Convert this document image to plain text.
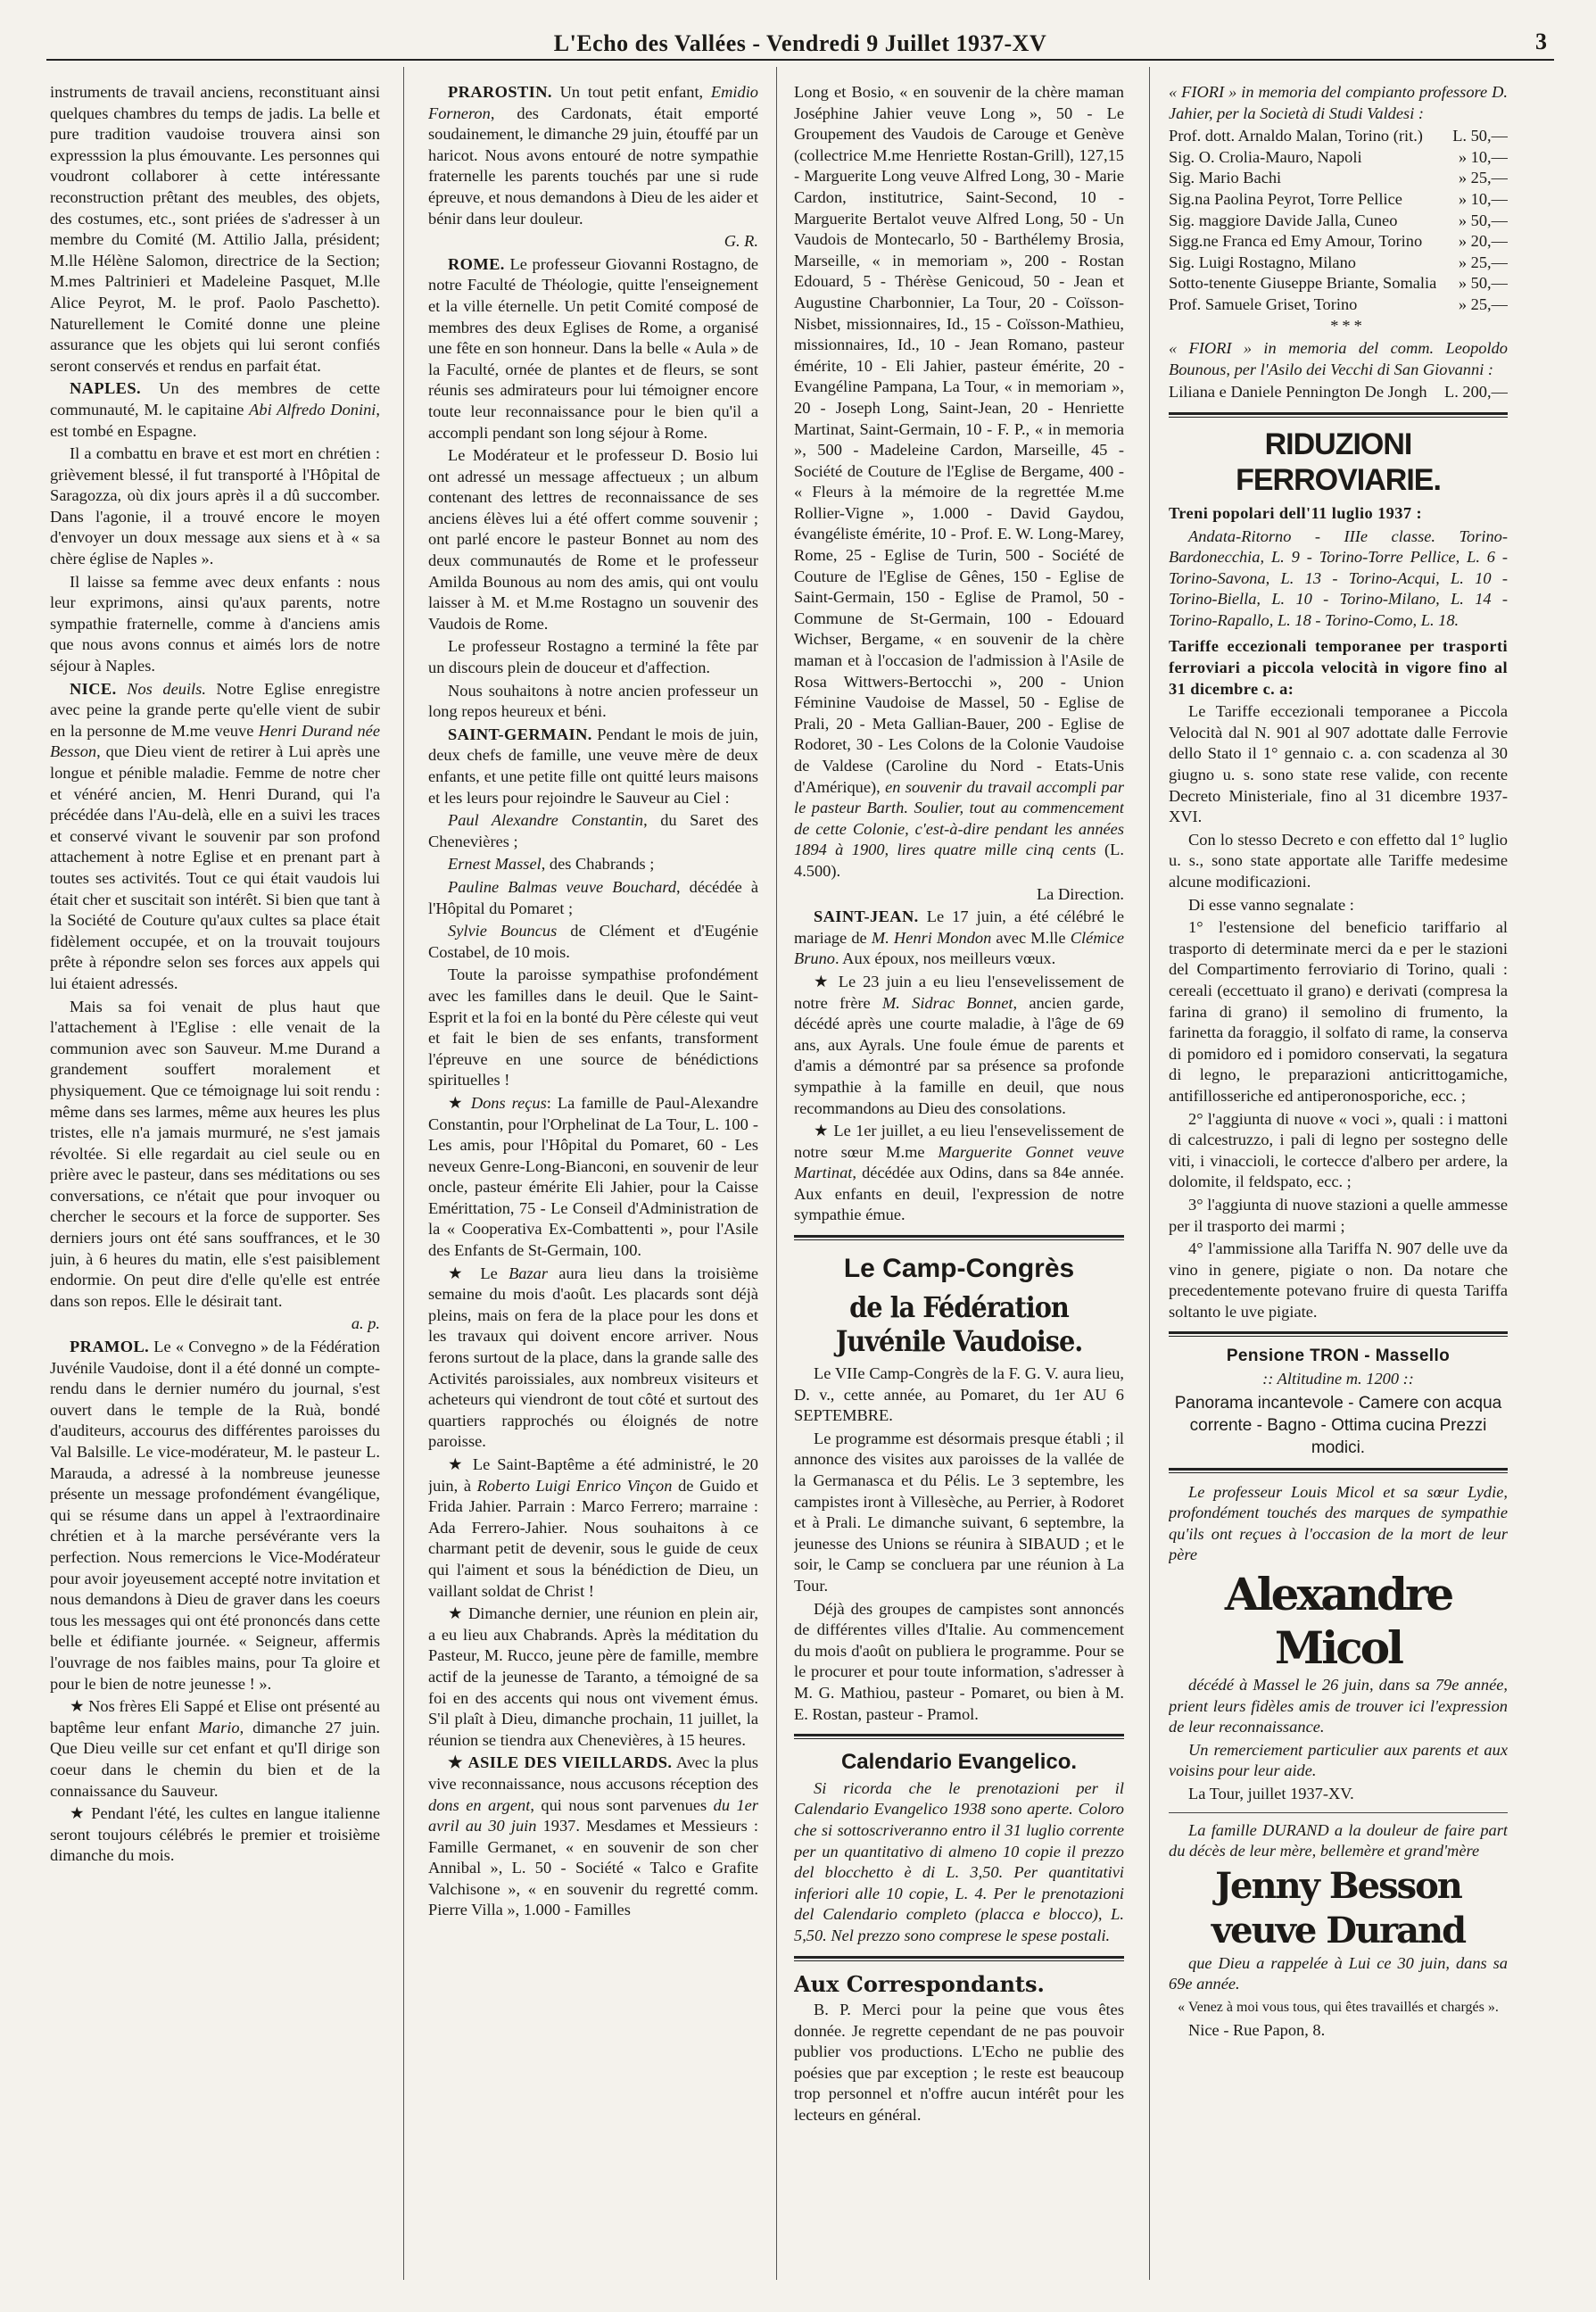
L'Echo des Vallées - Vendredi 9 Juillet 1937-XV	3

instruments de travail anciens, reconstituant ainsi quelques chambres du temps de jadis. La belle et pure tradition vaudoise trouvera ainsi son expresssion la plus émouvante. Les personnes qui voudront collaborer à cette intéressante reconstruction prêtant des meubles, des objets, des costumes, etc., sont priées de s'adresser à un membre du Comité (M. Attilio Jalla, président; M.lle Hélène Salomon, directrice de la Section; M.mes Paltrinieri et Madeleine Pasquet, M.lle Alice Peyrot, M. le prof. Paolo Paschetto). Naturellement le Comité donne une pleine assurance que les objets qui lui seront confiés seront conservés et rendus en parfait état.

NAPLES. Un des membres de cette communauté, M. le capitaine Abi Alfredo Donini, est tombé en Espagne.

Il a combattu en brave et est mort en chrétien : grièvement blessé, il fut transporté à l'Hôpital de Saragozza, où dix jours après il a dû succomber. Dans l'agonie, il a trouvé encore le moyen d'envoyer un doux message aux siens et à « sa chère église de Naples ».

Il laisse sa femme avec deux enfants : nous leur exprimons, ainsi qu'aux parents, notre sympathie fraternelle, comme à d'anciens amis que nous avons connus et aimés lors de notre séjour à Naples.

NICE. Nos deuils. Notre Eglise enregistre avec peine la grande perte qu'elle vient de subir en la personne de M.me veuve Henri Durand née Besson, que Dieu vient de retirer à Lui après une longue et pénible maladie. Femme de notre cher et vénéré ancien, M. Henri Durand, qui l'a précédée dans l'Au-delà, elle en a suivi les traces et conservé vivant le souvenir par son profond attachement à notre Eglise et en prenant part à toutes ses activités. Tout ce qui était vaudois lui était cher et suscitait son intérêt. Si bien que tant à la Société de Couture qu'aux cultes sa place était fidèlement occupée, et on la trouvait toujours prête à répondre selon ses forces aux appels qui lui étaient adressés.

Mais sa foi venait de plus haut que l'attachement à l'Eglise : elle venait de la communion avec son Sauveur. M.me Durand a grandement souffert moralement et physiquement. Que ce témoignage lui soit rendu : même dans ses larmes, même aux heures les plus tristes, elle n'a jamais murmuré, ne s'est jamais révoltée. Si elle regardait au ciel seule ou en prière avec le pasteur, dans ses méditations ou ses conversations, ce n'était que pour invoquer ou chercher le secours et la force de supporter. Ses derniers jours ont été sans souffrances, et le 30 juin, à 6 heures du matin, elle s'est paisiblement endormie. On peut dire d'elle qu'elle est entrée dans son repos. Elle le désirait tant.

a. p.

PRAMOL. Le « Convegno » de la Fédération Juvénile Vaudoise, dont il a été donné un compte-rendu dans le dernier numéro du journal, s'est ouvert dans le temple de la Ruà, bondé d'auditeurs, accourus des différentes paroisses du Val Balsille. Le vice-modérateur, M. le pasteur L. Marauda, a adressé à la nombreuse jeunesse présente un message profondément évangélique, qui se résume dans un appel à l'extraordinaire chrétien et à la marche persévérante vers la perfection. Nous remercions le Vice-Modérateur pour avoir joyeusement accepté notre invitation et nous demandons à Dieu de graver dans les coeurs tous les messages qui ont été prononcés dans cette belle et édifiante journée. « Seigneur, affermis l'ouvrage de nos faibles mains, pour Ta gloire et pour le bien de notre jeunesse ! ».

★ Nos frères Eli Sappé et Elise ont présenté au baptême leur enfant Mario, dimanche 27 juin. Que Dieu veille sur cet enfant et qu'Il dirige son coeur dans le chemin du bien et de la connaissance du Sauveur.

★ Pendant l'été, les cultes en langue italienne seront toujours célébrés le premier et troisième dimanche du mois.

PRAROSTIN. Un tout petit enfant, Emidio Forneron, des Cardonats, était emporté soudainement, le dimanche 29 juin, étouffé par un haricot. Nous avons entouré de notre sympathie fraternelle les parents touchés par une si rude épreuve, et nous demandons à Dieu de les aider et bénir dans leur douleur.

G. R.

ROME. Le professeur Giovanni Rostagno, de notre Faculté de Théologie, quitte l'enseignement et la ville éternelle. Un petit Comité composé de membres des deux Eglises de Rome, a organisé une fête en son honneur. Dans la belle « Aula » de la Faculté, ornée de plantes et de fleurs, se sont réunis ses admirateurs pour lui témoigner encore toute leur reconnaissance pour le bien qu'il a accompli pendant son long séjour à Rome.

Le Modérateur et le professeur D. Bosio lui ont adressé un message affectueux ; un album contenant des lettres de reconnaissance de ses anciens élèves lui a été offert comme souvenir ; ont parlé encore le pasteur Bonnet au nom des deux communautés de Rome et le professeur Amilda Bounous au nom des amis, qui ont voulu laisser à M. et M.me Rostagno un souvenir des Vaudois de Rome.

Le professeur Rostagno a terminé la fête par un discours plein de douceur et d'affection.

Nous souhaitons à notre ancien professeur un long repos heureux et béni.

SAINT-GERMAIN. Pendant le mois de juin, deux chefs de famille, une veuve mère de deux enfants, et une petite fille ont quitté leurs maisons et les leurs pour rejoindre le Sauveur au Ciel :

Paul Alexandre Constantin, du Saret des Chenevières ;

Ernest Massel, des Chabrands ;

Pauline Balmas veuve Bouchard, décédée à l'Hôpital du Pomaret ;

Sylvie Bouncus de Clément et d'Eugénie Costabel, de 10 mois.

Toute la paroisse sympathise profondément avec les familles dans le deuil. Que le Saint-Esprit et la foi en la bonté du Père céleste qui veut et fait le bien de ses enfants, transforment l'épreuve en une source de bénédictions spirituelles !

★ Dons reçus: La famille de Paul-Alexandre Constantin, pour l'Orphelinat de La Tour, L. 100 - Les amis, pour l'Hôpital du Pomaret, 60 - Les neveux Genre-Long-Bianconi, en souvenir de leur oncle, pasteur émérite Eli Jahier, pour la Caisse Emérittation, 75 - Le Conseil d'Administration de la « Cooperativa Ex-Combattenti », pour l'Asile des Enfants de St-Germain, 100.

★ Le Bazar aura lieu dans la troisième semaine du mois d'août. Les placards sont déjà pleins, mais on fera de la place pour les dons et les travaux qui doivent encore arriver. Nous ferons surtout de la place, dans la grande salle des Activités paroissiales, aux nombreux visiteurs et acheteurs qui viendront de tout côté et surtout des quartiers rapprochés ou éloignés de notre paroisse.

★ Le Saint-Baptême a été administré, le 20 juin, à Roberto Luigi Enrico Vinçon de Guido et Frida Jahier. Parrain : Marco Ferrero; marraine : Ada Ferrero-Jahier. Nous souhaitons à ce charmant petit de devenir, sous le guide de ceux qui l'aiment et sous la bénédiction de Dieu, un vaillant soldat de Christ !

★ Dimanche dernier, une réunion en plein air, a eu lieu aux Chabrands. Après la méditation du Pasteur, M. Rucco, jeune père de famille, membre actif de la jeunesse de Taranto, a témoigné de sa foi en des accents qui nous ont vivement émus. S'il plaît à Dieu, dimanche prochain, 11 juillet, la réunion se tiendra aux Chenevières, à 15 heures.

★ ASILE DES VIEILLARDS. Avec la plus vive reconnaissance, nous accusons réception des dons en argent, qui nous sont parvenues du 1er avril au 30 juin 1937. Mesdames et Messieurs : Famille Germanet, « en souvenir de son cher Annibal », L. 50 - Société « Talco e Grafite Valchisone », « en souvenir du regretté comm. Pierre Villa », 1.000 - Familles

Long et Bosio, « en souvenir de la chère maman Joséphine Jahier veuve Long », 50 - Le Groupement des Vaudois de Carouge et Genève (collectrice M.me Henriette Rostan-Grill), 127,15 - Marguerite Long veuve Alfred Long, 30 - Marie Cardon, institutrice, Saint-Second, 10 - Marguerite Bertalot veuve Alfred Long, 50 - Un Vaudois de Montecarlo, 50 - Barthélemy Brosia, Marseille, « in memoriam », 200 - Rostan Edouard, 5 - Thérèse Genicoud, 50 - Jean et Augustine Charbonnier, La Tour, 20 - Coïsson-Nisbet, missionnaires, Id., 15 - Coïsson-Mathieu, missionnaires, Id., 10 - Jean Romano, pasteur émérite, 10 - Eli Jahier, pasteur émérite, 20 - Evangéline Pampana, La Tour, « in memoriam », 20 - Joseph Long, Saint-Jean, 20 - Henriette Martinat, Saint-Germain, 10 - F. P., « in memoria », 500 - Madeleine Cardon, Marseille, 45 - Société de Couture de l'Eglise de Bergame, 400 - « Fleurs à la mémoire de la regrettée M.me Rollier-Vigne », 1.000 - David Gaydou, évangéliste émérite, 10 - Prof. E. W. Long-Marey, Rome, 25 - Eglise de Turin, 500 - Société de Couture de l'Eglise de Gênes, 150 - Eglise de Saint-Germain, 150 - Eglise de Pramol, 50 - Commune de St-Germain, 100 - Edouard Wichser, Bergame, « en souvenir de la chère maman et à l'occasion de l'admission à l'Asile de Rosa Wittwers-Bertocchi », 200 - Union Féminine Vaudoise de Massel, 50 - Eglise de Prali, 20 - Meta Gallian-Bauer, 200 - Eglise de Rodoret, 30 - Les Colons de la Colonie Vaudoise de Valdese (Caroline du Nord - Etats-Unis d'Amérique), en souvenir du travail accompli par le pasteur Barth. Soulier, tout au commencement de cette Colonie, c'est-à-dire pendant les années 1894 à 1900, lires quatre mille cinq cents (L. 4.500).

La Direction.

SAINT-JEAN. Le 17 juin, a été célébré le mariage de M. Henri Mondon avec M.lle Clémice Bruno. Aux époux, nos meilleurs vœux.

★ Le 23 juin a eu lieu l'ensevelissement de notre frère M. Sidrac Bonnet, ancien garde, décédé après une courte maladie, à l'âge de 69 ans, aux Ayrals. Une foule émue de parents et d'amis a démontré par sa présence sa profonde sympathie à la famille en deuil, que nous recommandons au Dieu des consolations.

★ Le 1er juillet, a eu lieu l'ensevelissement de notre sœur M.me Marguerite Gonnet veuve Martinat, décédée aux Odins, dans sa 84e année. Aux enfants en deuil, l'expression de notre sympathie émue.

Le Camp-Congrès
de la Fédération Juvénile Vaudoise.

Le VIIe Camp-Congrès de la F. G. V. aura lieu, D. v., cette année, au Pomaret, du 1er AU 6 SEPTEMBRE.

Le programme est désormais presque établi ; il annonce des visites aux paroisses de la vallée de la Germanasca et du Pélis. Le 3 septembre, les campistes iront à Villesèche, au Perrier, à Rodoret et à Prali. Le dimanche suivant, 6 septembre, la jeunesse des Unions se réunira à SIBAUD ; et le soir, le Camp se concluera par une réunion à La Tour.

Déjà des groupes de campistes sont annoncés de différentes villes d'Italie. Au commencement du mois d'août on publiera le programme. Pour se le procurer et pour toute information, s'adresser à M. G. Mathiou, pasteur - Pomaret, ou bien à M. E. Rostan, pasteur - Pramol.

Calendario Evangelico.

Si ricorda che le prenotazioni per il Calendario Evangelico 1938 sono aperte. Coloro che si sottoscriveranno entro il 31 luglio corrente per un quantitativo di almeno 10 copie il prezzo del blocchetto è di L. 3,50. Per quantitativi inferiori alle 10 copie, L. 4. Per le prenotazioni del Calendario completo (placca e blocco), L. 5,50. Nel prezzo sono comprese le spese postali.

Aux Correspondants.

B. P. Merci pour la peine que vous êtes donnée. Je regrette cependant de ne pas pouvoir publier vos productions. L'Echo ne publie des poésies que par exception ; le reste est beaucoup trop personnel et n'offre aucun intérêt pour les lecteurs en général.

« FIORI » in memoria del compianto professore D. Jahier, per la Società di Studi Valdesi :

Prof. dott. Arnaldo Malan, Torino (rit.)	L. 50,—
Sig. O. Crolia-Mauro, Napoli	» 10,—
Sig. Mario Bachi	» 25,—
Sig.na Paolina Peyrot, Torre Pellice	» 10,—
Sig. maggiore Davide Jalla, Cuneo	» 50,—
Sigg.ne Franca ed Emy Amour, Torino	» 20,—
Sig. Luigi Rostagno, Milano	» 25,—
Sotto-tenente Giuseppe Briante, Somalia	» 50,—
Prof. Samuele Griset, Torino	» 25,—

***

« FIORI » in memoria del comm. Leopoldo Bounous, per l'Asilo dei Vecchi di San Giovanni :

Liliana e Daniele Pennington De Jongh	L. 200,—
RIDUZIONI FERROVIARIE.

Treni popolari dell'11 luglio 1937 :

Andata-Ritorno - IIIe classe. Torino-Bardonecchia, L. 9 - Torino-Torre Pellice, L. 6 - Torino-Savona, L. 13 - Torino-Acqui, L. 10 - Torino-Biella, L. 10 - Torino-Milano, L. 14 - Torino-Rapallo, L. 18 - Torino-Como, L. 18.

Tariffe eccezionali temporanee per trasporti ferroviari a piccola velocità in vigore fino al 31 dicembre c. a:

Le Tariffe eccezionali temporanee a Piccola Velocità dal N. 901 al 907 adottate dalle Ferrovie dello Stato il 1° gennaio c. a. con scadenza al 30 giugno u. s. sono state rese valide, con recente Decreto Ministeriale, fino al 31 dicembre 1937-XVI.

Con lo stesso Decreto e con effetto dal 1° luglio u. s., sono state apportate alle Tariffe medesime alcune modificazioni.

Di esse vanno segnalate :

1° l'estensione del beneficio tariffario al trasporto di determinate merci da e per le stazioni del Compartimento ferroviario di Torino, quali : cereali (eccettuato il grano) e derivati (compresa la farina di grano) il semolino di frumento, la farinetta da foraggio, il solfato di rame, la conserva di pomidoro ed i pomidoro conservati, la segatura di legno, le preparazioni anticrittogamiche, antifillosseriche ed antiperonosporiche, ecc. ;

2° l'aggiunta di nuove « voci », quali : i mattoni di calcestruzzo, i pali di legno per sostegno delle viti, i vinaccioli, le cortecce d'albero per ardere, la dolomite, il feldspato, ecc. ;

3° l'aggiunta di nuove stazioni a quelle ammesse per il trasporto dei marmi ;

4° l'ammissione alla Tariffa N. 907 delle uve da vino in genere, pigiate o non. Da notare che precedentemente potevano fruire di questa Tariffa soltanto le uve pigiate.

Pensione TRON - Massello

:: Altitudine m. 1200 ::

Panorama incantevole - Camere con acqua corrente - Bagno - Ottima cucina Prezzi modici.

Le professeur Louis Micol et sa sœur Lydie, profondément touchés des marques de sympathie qu'ils ont reçues à l'occasion de la mort de leur père

Alexandre Micol

décédé à Massel le 26 juin, dans sa 79e année, prient leurs fidèles amis de trouver ici l'expression de leur reconnaissance.

Un remerciement particulier aux parents et aux voisins pour leur aide.

La Tour, juillet 1937-XV.

La famille DURAND a la douleur de faire part du décès de leur mère, bellemère et grand'mère

Jenny Besson veuve Durand

que Dieu a rappelée à Lui ce 30 juin, dans sa 69e année.

« Venez à moi vous tous, qui êtes travaillés et chargés ».

Nice - Rue Papon, 8.
